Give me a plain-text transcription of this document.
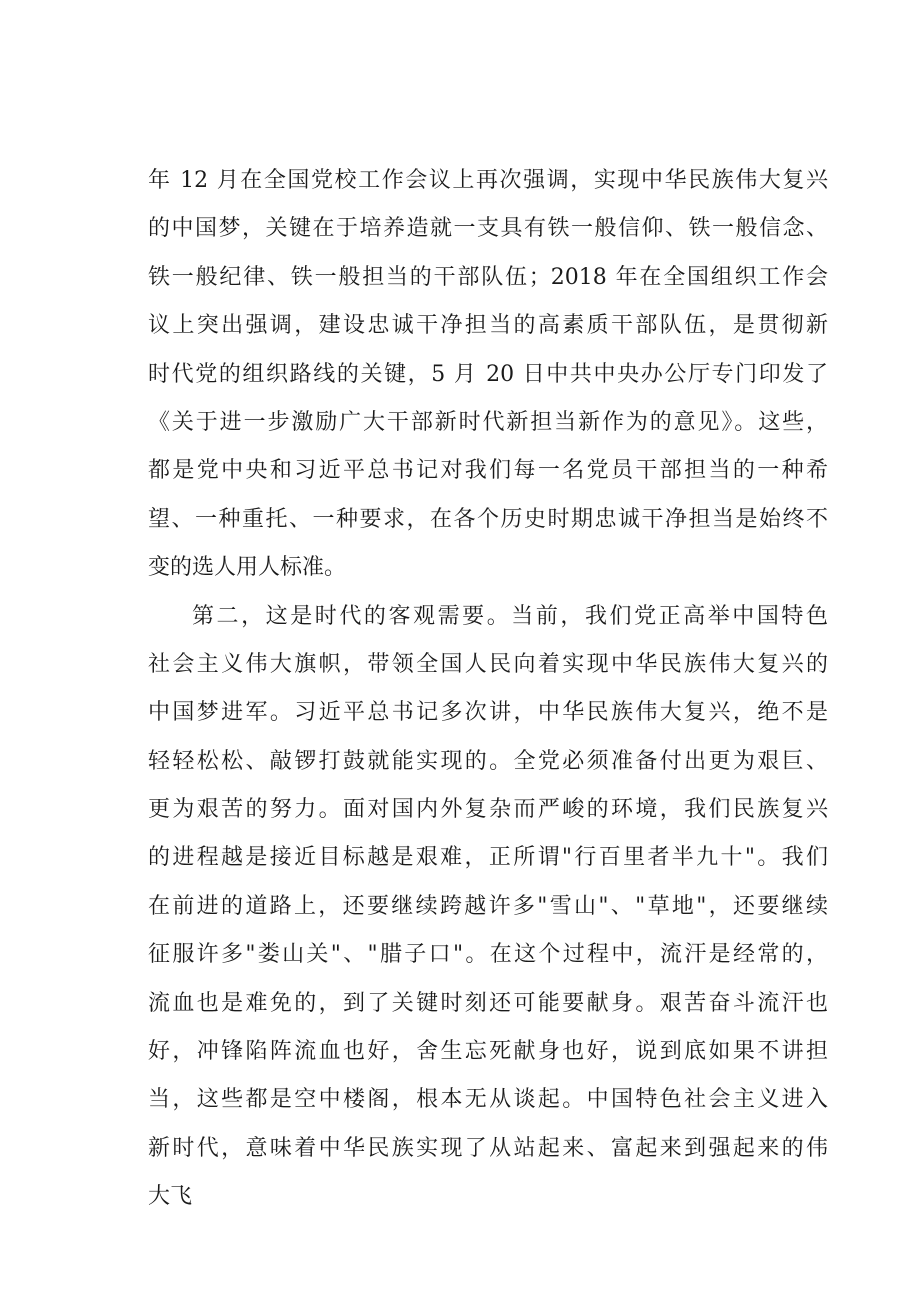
年 12 月在全国党校工作会议上再次强调，实现中华民族伟大复兴
的中国梦，关键在于培养造就一支具有铁一般信仰、铁一般信念、
铁一般纪律、铁一般担当的干部队伍；2018 年在全国组织工作会
议上突出强调，建设忠诚干净担当的高素质干部队伍，是贯彻新
时代党的组织路线的关键，5 月 20 日中共中央办公厅专门印发了
《关于进一步激励广大干部新时代新担当新作为的意见》。这些，
都是党中央和习近平总书记对我们每一名党员干部担当的一种希
望、一种重托、一种要求，在各个历史时期忠诚干净担当是始终不
变的选人用人标准。
第二，这是时代的客观需要。当前，我们党正高举中国特色
社会主义伟大旗帜，带领全国人民向着实现中华民族伟大复兴的
中国梦进军。习近平总书记多次讲，中华民族伟大复兴，绝不是
轻轻松松、敲锣打鼓就能实现的。全党必须准备付出更为艰巨、
更为艰苦的努力。面对国内外复杂而严峻的环境，我们民族复兴
的进程越是接近目标越是艰难，正所谓"行百里者半九十"。我们
在前进的道路上，还要继续跨越许多"雪山"、"草地"，还要继续
征服许多"娄山关"、"腊子口"。在这个过程中，流汗是经常的，
流血也是难免的，到了关键时刻还可能要献身。艰苦奋斗流汗也
好，冲锋陷阵流血也好，舍生忘死献身也好，说到底如果不讲担
当，这些都是空中楼阁，根本无从谈起。中国特色社会主义进入
新时代，意味着中华民族实现了从站起来、富起来到强起来的伟
大飞
